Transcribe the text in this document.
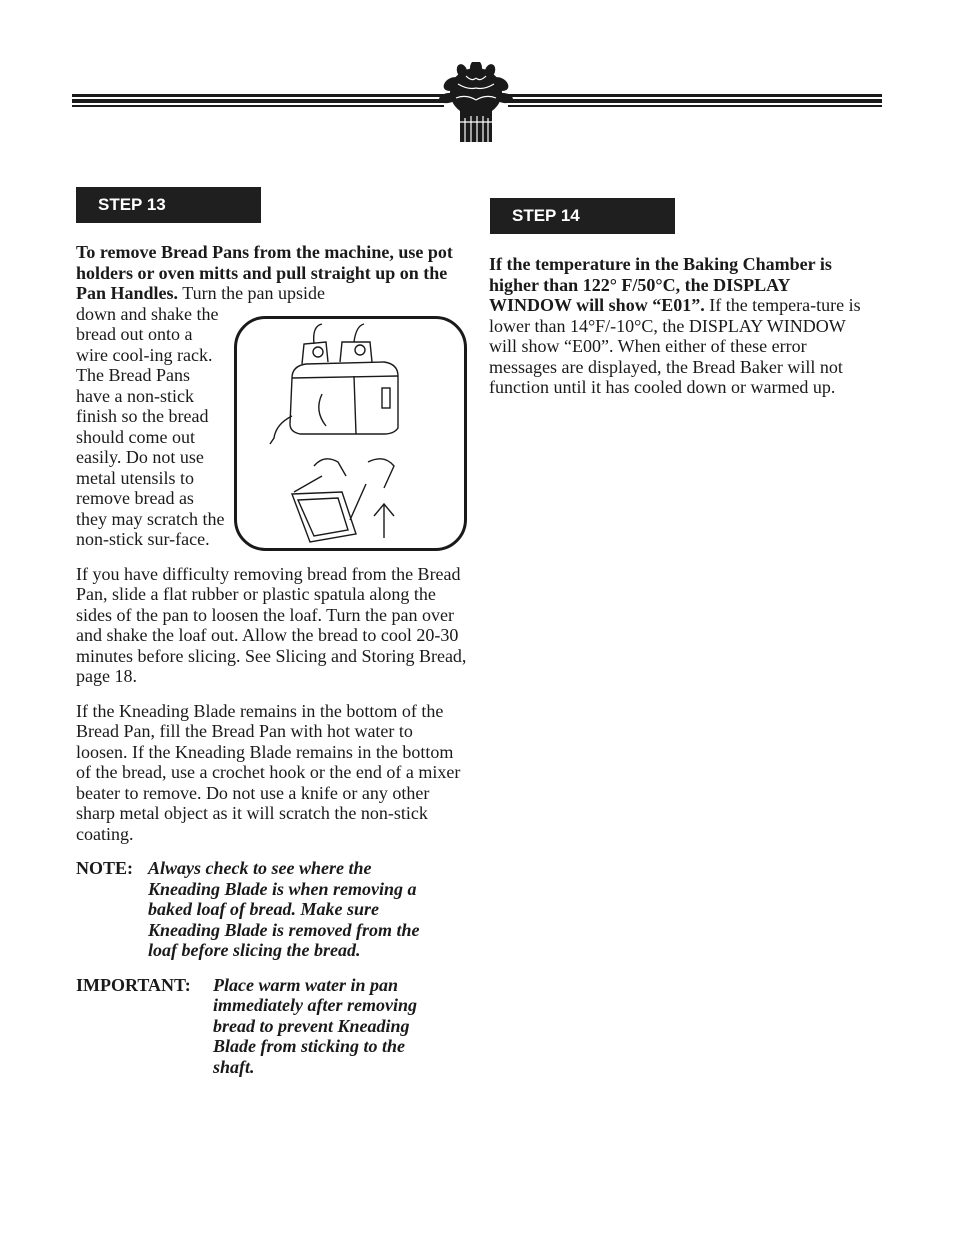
STEP 13
To remove Bread Pans from the machine, use pot holders or oven mitts and pull straight up on the Pan Handles. Turn the pan upside
down and shake the bread out onto a wire cool-ing rack. The Bread Pans have a non-stick finish so the bread should come out easily. Do not use metal utensils to remove bread as they may scratch the non-stick sur-face.

If you have difficulty removing bread from the Bread Pan, slide a flat rubber or plastic spatula along the sides of the pan to loosen the loaf. Turn the pan over and shake the loaf out. Allow the bread to cool 20-30 minutes before slicing. See Slicing and Storing Bread, page 18.

If the Kneading Blade remains in the bottom of the Bread Pan, fill the Bread Pan with hot water to loosen. If the Kneading Blade remains in the bottom of the bread, use a crochet hook or the end of a mixer beater to remove. Do not use a knife or any other sharp metal object as it will scratch the non-stick coating.

NOTE: Always check to see where the Kneading Blade is when removing a baked loaf of bread. Make sure Kneading Blade is removed from the loaf before slicing the bread.
IMPORTANT:	Place warm water in pan immediately after removing bread to prevent Kneading Blade from sticking to the shaft.
STEP 14
If the temperature in the Baking Chamber is higher than 122° F/50°C, the DISPLAY WINDOW will show “E01”. If the tempera-ture is lower than 14°F/-10°C, the DISPLAY WINDOW will show “E00”. When either of these error messages are displayed, the Bread Baker will not function until it has cooled down or warmed up.
